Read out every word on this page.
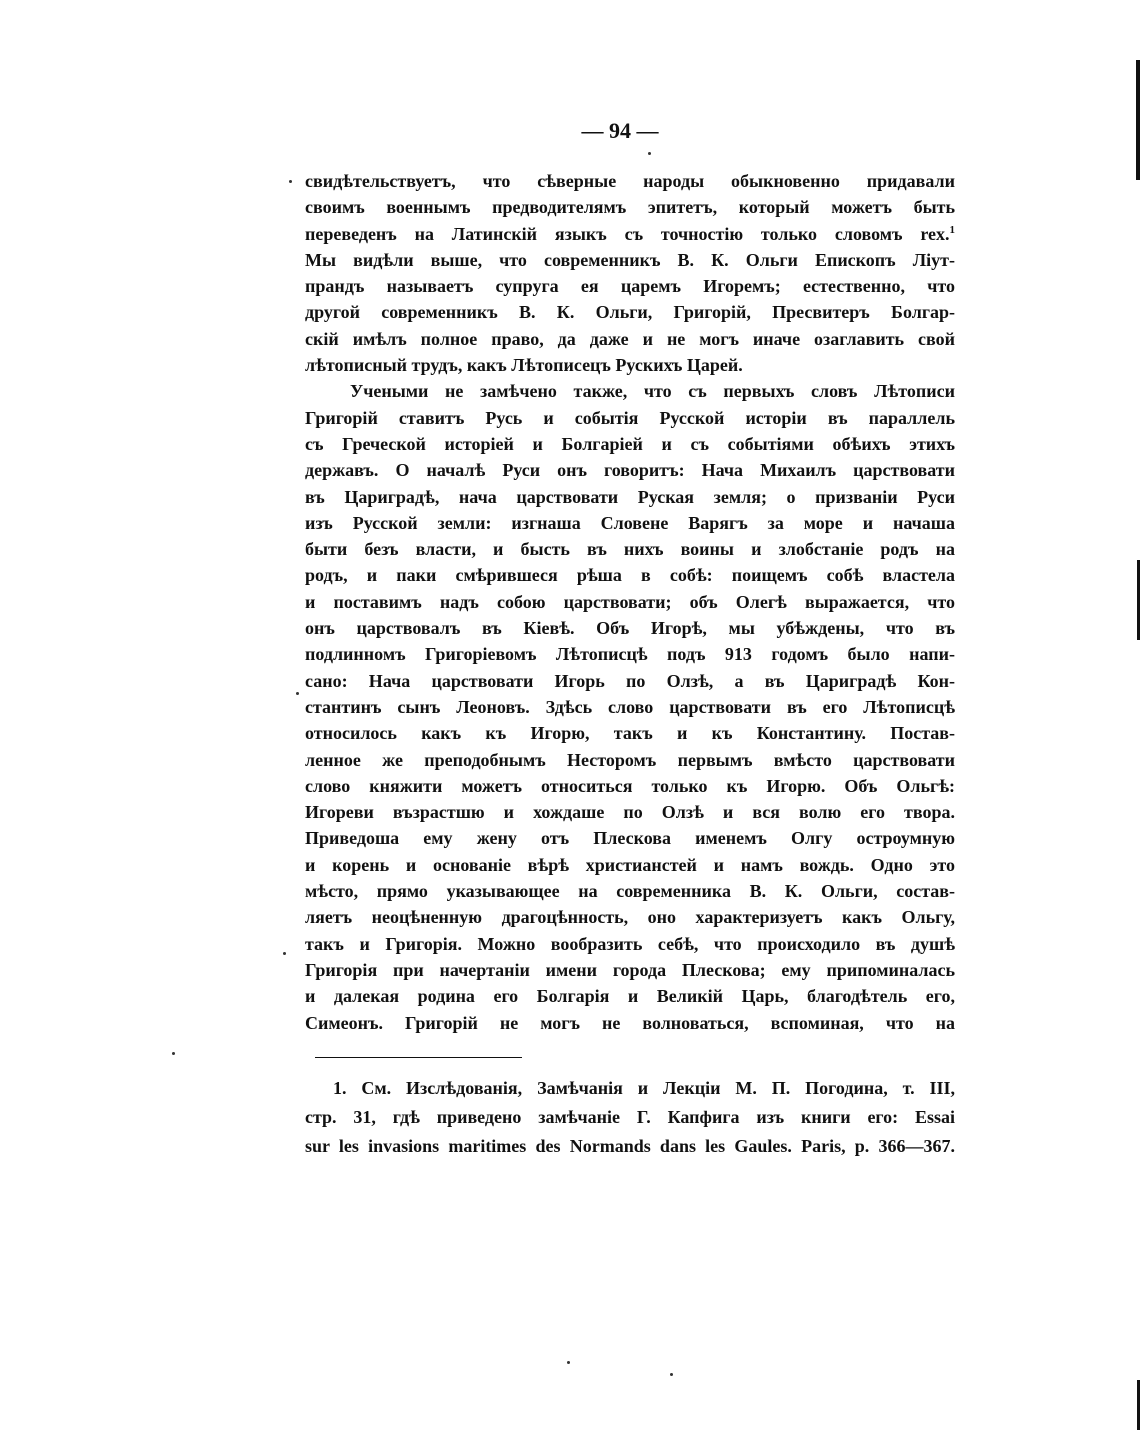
— 94 —
свидѣтельствуетъ, что сѣверные народы обыкновенно придавали
своимъ военнымъ предводителямъ эпитетъ, который можетъ быть
переведенъ на Латинскій языкъ съ точностію только словомъ rex.$^1$
Мы видѣли выше, что современникъ В. К. Ольги Епископъ Ліут-
прандъ называетъ супруга ея царемъ Игоремъ; естественно, что
другой современникъ В. К. Ольги, Григорій, Пресвитеръ Болгар-
скій имѣлъ полное право, да даже и не могъ иначе озаглавить свой
лѣтописный трудъ, какъ Лѣтописецъ Рускихъ Царей.
Учеными не замѣчено также, что съ первыхъ словъ Лѣтописи
Григорій ставитъ Русь и событія Русской исторіи въ параллель
съ Греческой исторіей и Болгаріей и съ событіями обѣихъ этихъ
державъ. О началѣ Руси онъ говоритъ: Нача Михаилъ царствовати
въ Цариградѣ, нача царствовати Руская земля; о призваніи Руси
изъ Русской земли: изгнаша Словене Варягъ за море и начаша
быти безъ власти, и бысть въ нихъ воины и злобстаніе родъ на
родъ, и паки смѣрившеся рѣша в собѣ: поищемъ собѣ властела
и поставимъ надъ собою царствовати; объ Олегѣ выражается, что
онъ царствовалъ въ Кіевѣ. Объ Игорѣ, мы убѣждены, что въ
подлинномъ Григоріевомъ Лѣтописцѣ подъ 913 годомъ было напи-
сано: Нача царствовати Игорь по Олзѣ, а въ Цариградѣ Кон-
стантинъ сынъ Леоновъ. Здѣсь слово царствовати въ его Лѣтописцѣ
относилось какъ къ Игорю, такъ и къ Константину. Постав-
ленное же преподобнымъ Несторомъ первымъ вмѣсто царствовати
слово княжити можетъ относиться только къ Игорю. Объ Ольгѣ:
Игореви възрастшю и хождаше по Олзѣ и вся волю его твора.
Приведоша ему жену отъ Плескова именемъ Олгу остроумную
и корень и основаніе вѣрѣ христианстей и намъ вождь. Одно это
мѣсто, прямо указывающее на современника В. К. Ольги, состав-
ляетъ неоцѣненную драгоцѣнность, оно характеризуетъ какъ Ольгу,
такъ и Григорія. Можно вообразить себѣ, что происходило въ душѣ
Григорія при начертаніи имени города Плескова; ему припоминалась
и далекая родина его Болгарія и Великій Царь, благодѣтель его,
Симеонъ. Григорій не могъ не волноваться, вспоминая, что на
1. См. Изслѣдованія, Замѣчанія и Лекціи М. П. Погодина, т. III,
стр. 31, гдѣ приведено замѣчаніе Г. Капфига изъ книги его: Essai
sur les invasions maritimes des Normands dans les Gaules. Paris, p. 366—367.
